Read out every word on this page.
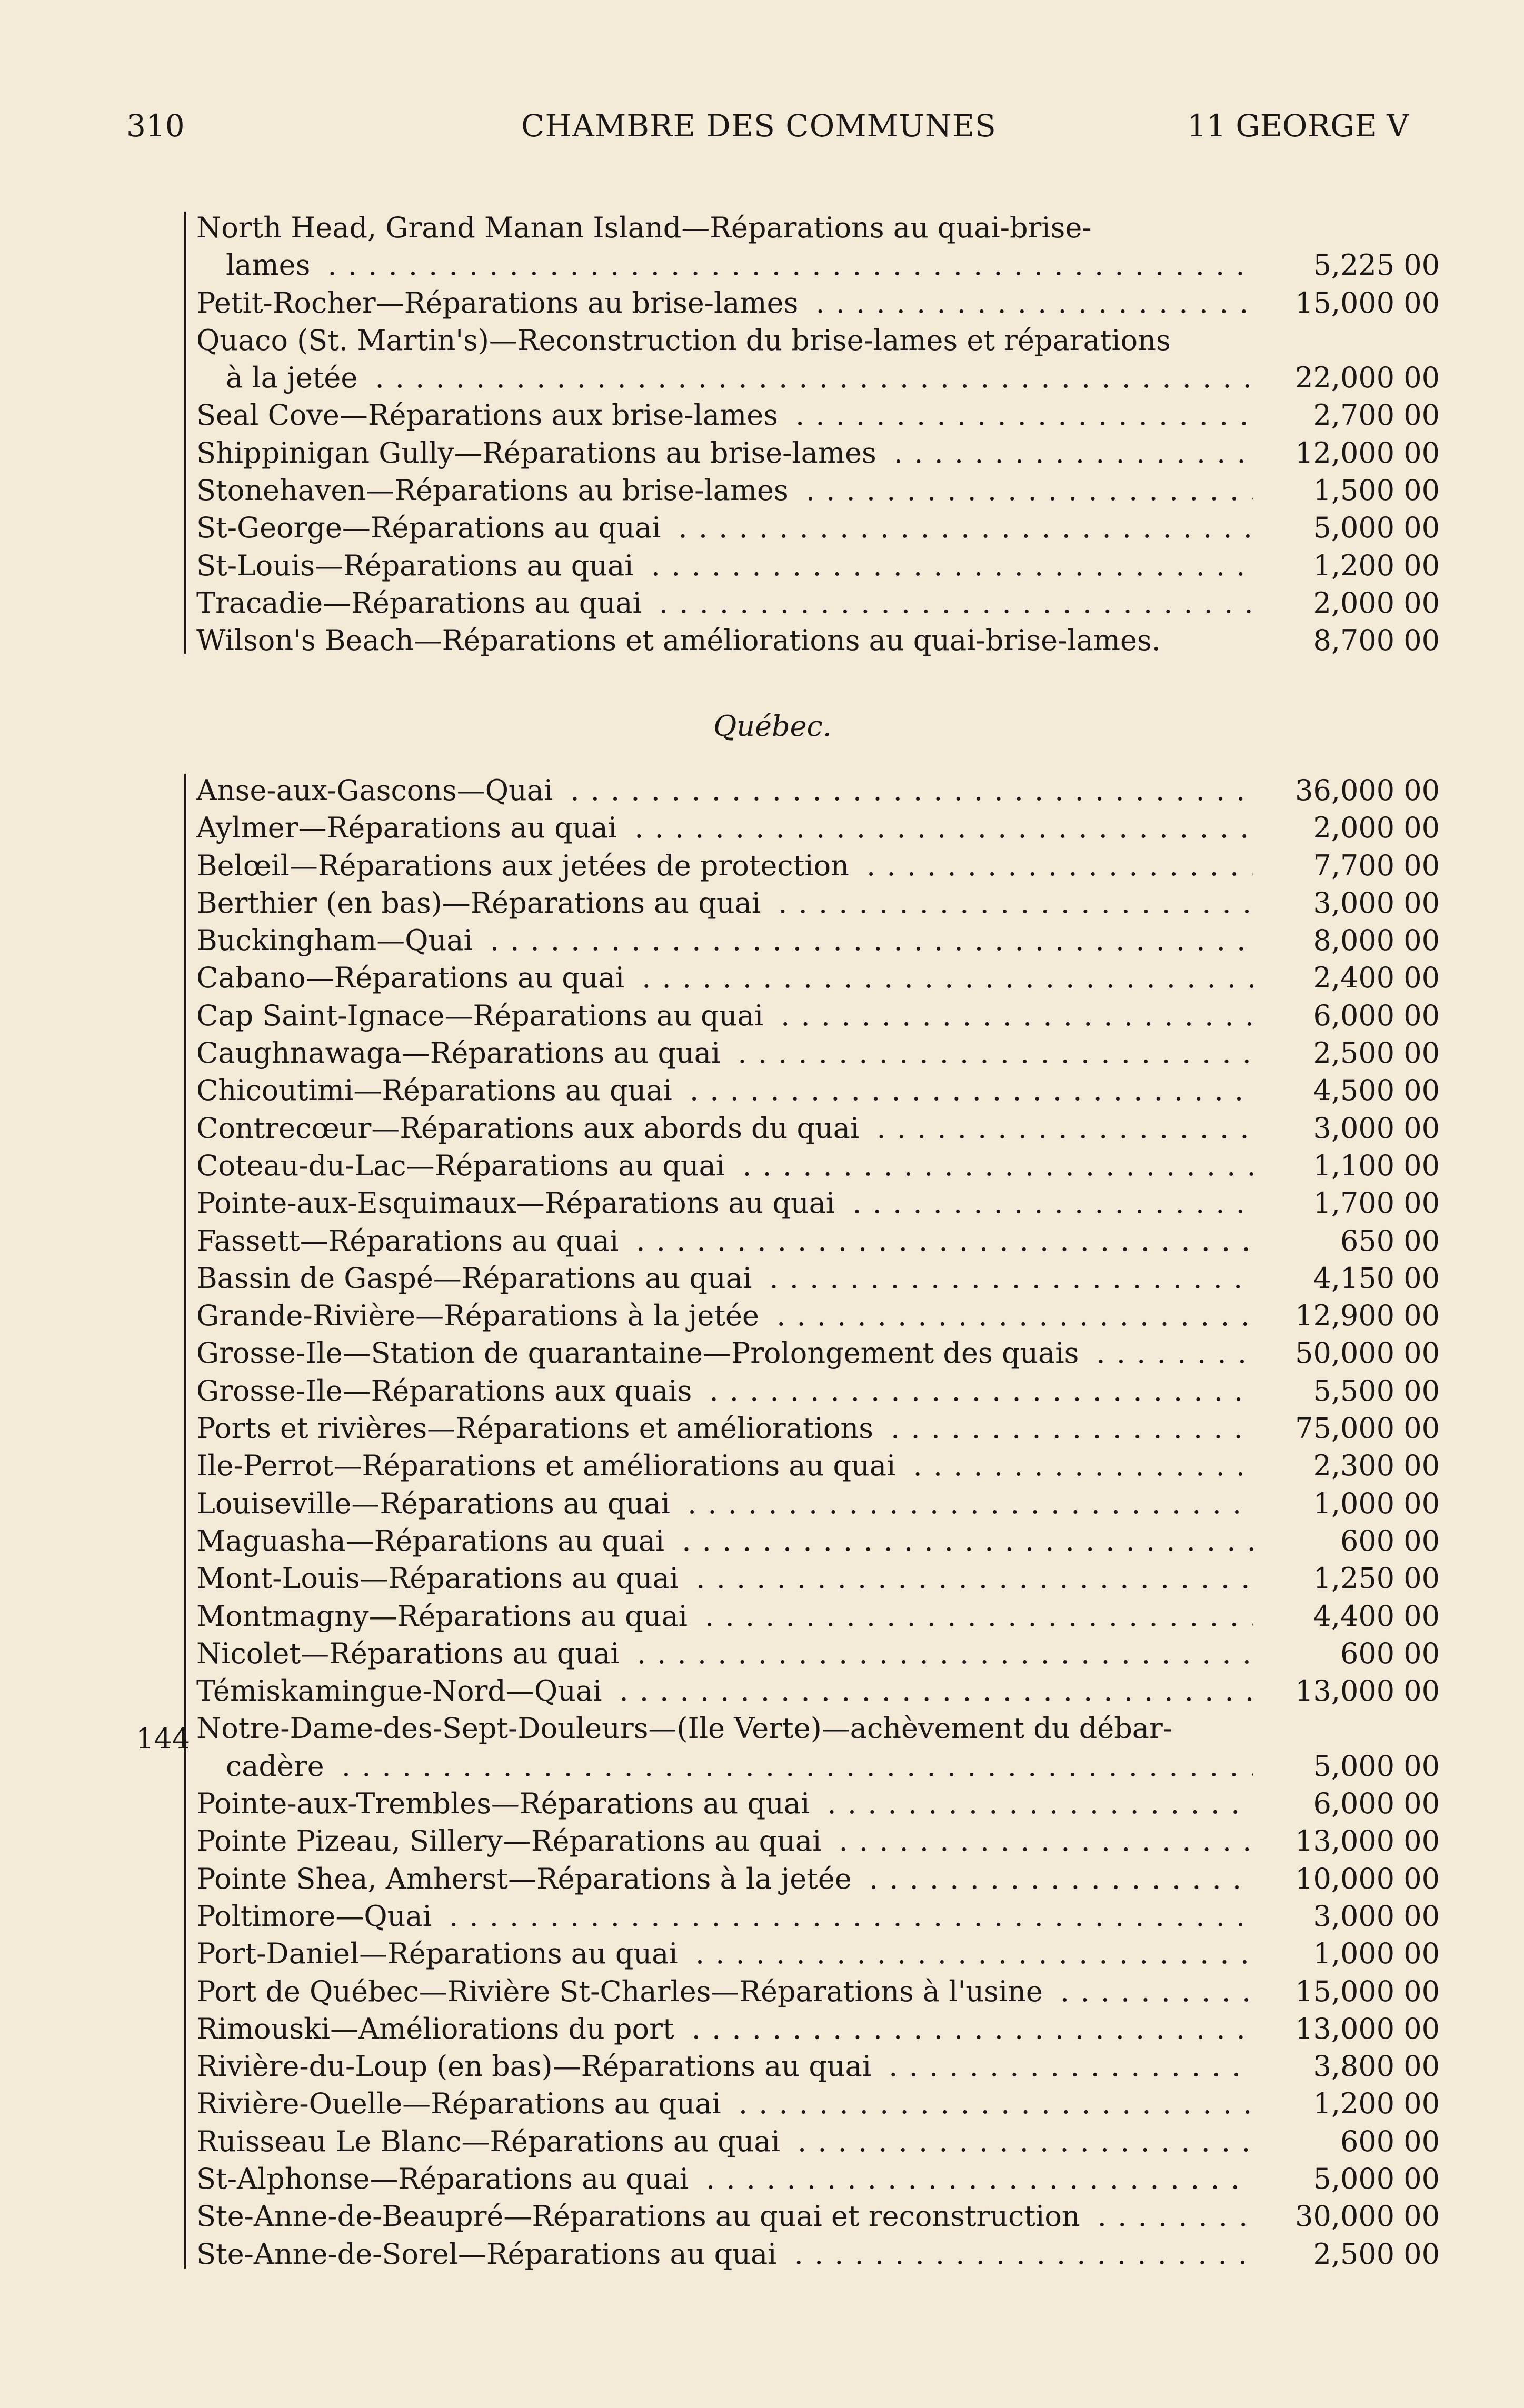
310	CHAMBRE DES COMMUNES	11 GEORGE V
North Head, Grand Manan Island—Réparations au quai-brise-
lames . . .	5,225 00
Petit-Rocher—Réparations au brise-lames . . .	15,000 00
Quaco (St. Martin's)—Reconstruction du brise-lames et réparations
à la jetée . . .	22,000 00
Seal Cove—Réparations aux brise-lames . . .	2,700 00
Shippinigan Gully—Réparations au brise-lames . . .	12,000 00
Stonehaven—Réparations au brise-lames . . .	1,500 00
St-George—Réparations au quai . . .	5,000 00
St-Louis—Réparations au quai . . .	1,200 00
Tracadie—Réparations au quai . . .	2,000 00
Wilson's Beach—Réparations et améliorations au quai-brise-lames.	8,700 00
Québec.
Anse-aux-Gascons—Quai . . .	36,000 00
Aylmer—Réparations au quai . . .	2,000 00
Belœil—Réparations aux jetées de protection . . .	7,700 00
Berthier (en bas)—Réparations au quai . . .	3,000 00
Buckingham—Quai . . .	8,000 00
Cabano—Réparations au quai . . .	2,400 00
Cap Saint-Ignace—Réparations au quai . . .	6,000 00
Caughnawaga—Réparations au quai . . .	2,500 00
Chicoutimi—Réparations au quai . . .	4,500 00
Contrecœur—Réparations aux abords du quai . . .	3,000 00
Coteau-du-Lac—Réparations au quai . . .	1,100 00
Pointe-aux-Esquimaux—Réparations au quai . . .	1,700 00
Fassett—Réparations au quai . . .	650 00
Bassin de Gaspé—Réparations au quai . . .	4,150 00
Grande-Rivière—Réparations à la jetée . . .	12,900 00
Grosse-Ile—Station de quarantaine—Prolongement des quais . . .	50,000 00
Grosse-Ile—Réparations aux quais . . .	5,500 00
Ports et rivières—Réparations et améliorations . . .	75,000 00
Ile-Perrot—Réparations et améliorations au quai . . .	2,300 00
Louiseville—Réparations au quai . . .	1,000 00
Maguasha—Réparations au quai . . .	600 00
Mont-Louis—Réparations au quai . . .	1,250 00
Montmagny—Réparations au quai . . .	4,400 00
Nicolet—Réparations au quai . . .	600 00
Témiskamingue-Nord—Quai . . .	13,000 00
Notre-Dame-des-Sept-Douleurs—(Ile Verte)—achèvement du débar-
cadère . . .	5,000 00
Pointe-aux-Trembles—Réparations au quai . . .	6,000 00
Pointe Pizeau, Sillery—Réparations au quai . . .	13,000 00
Pointe Shea, Amherst—Réparations à la jetée . . .	10,000 00
Poltimore—Quai . . .	3,000 00
Port-Daniel—Réparations au quai . . .	1,000 00
Port de Québec—Rivière St-Charles—Réparations à l'usine . . .	15,000 00
Rimouski—Améliorations du port . . .	13,000 00
Rivière-du-Loup (en bas)—Réparations au quai . . .	3,800 00
Rivière-Ouelle—Réparations au quai . . .	1,200 00
Ruisseau Le Blanc—Réparations au quai . . .	600 00
St-Alphonse—Réparations au quai . . .	5,000 00
Ste-Anne-de-Beaupré—Réparations au quai et reconstruction . . .	30,000 00
Ste-Anne-de-Sorel—Réparations au quai . . .	2,500 00
144
